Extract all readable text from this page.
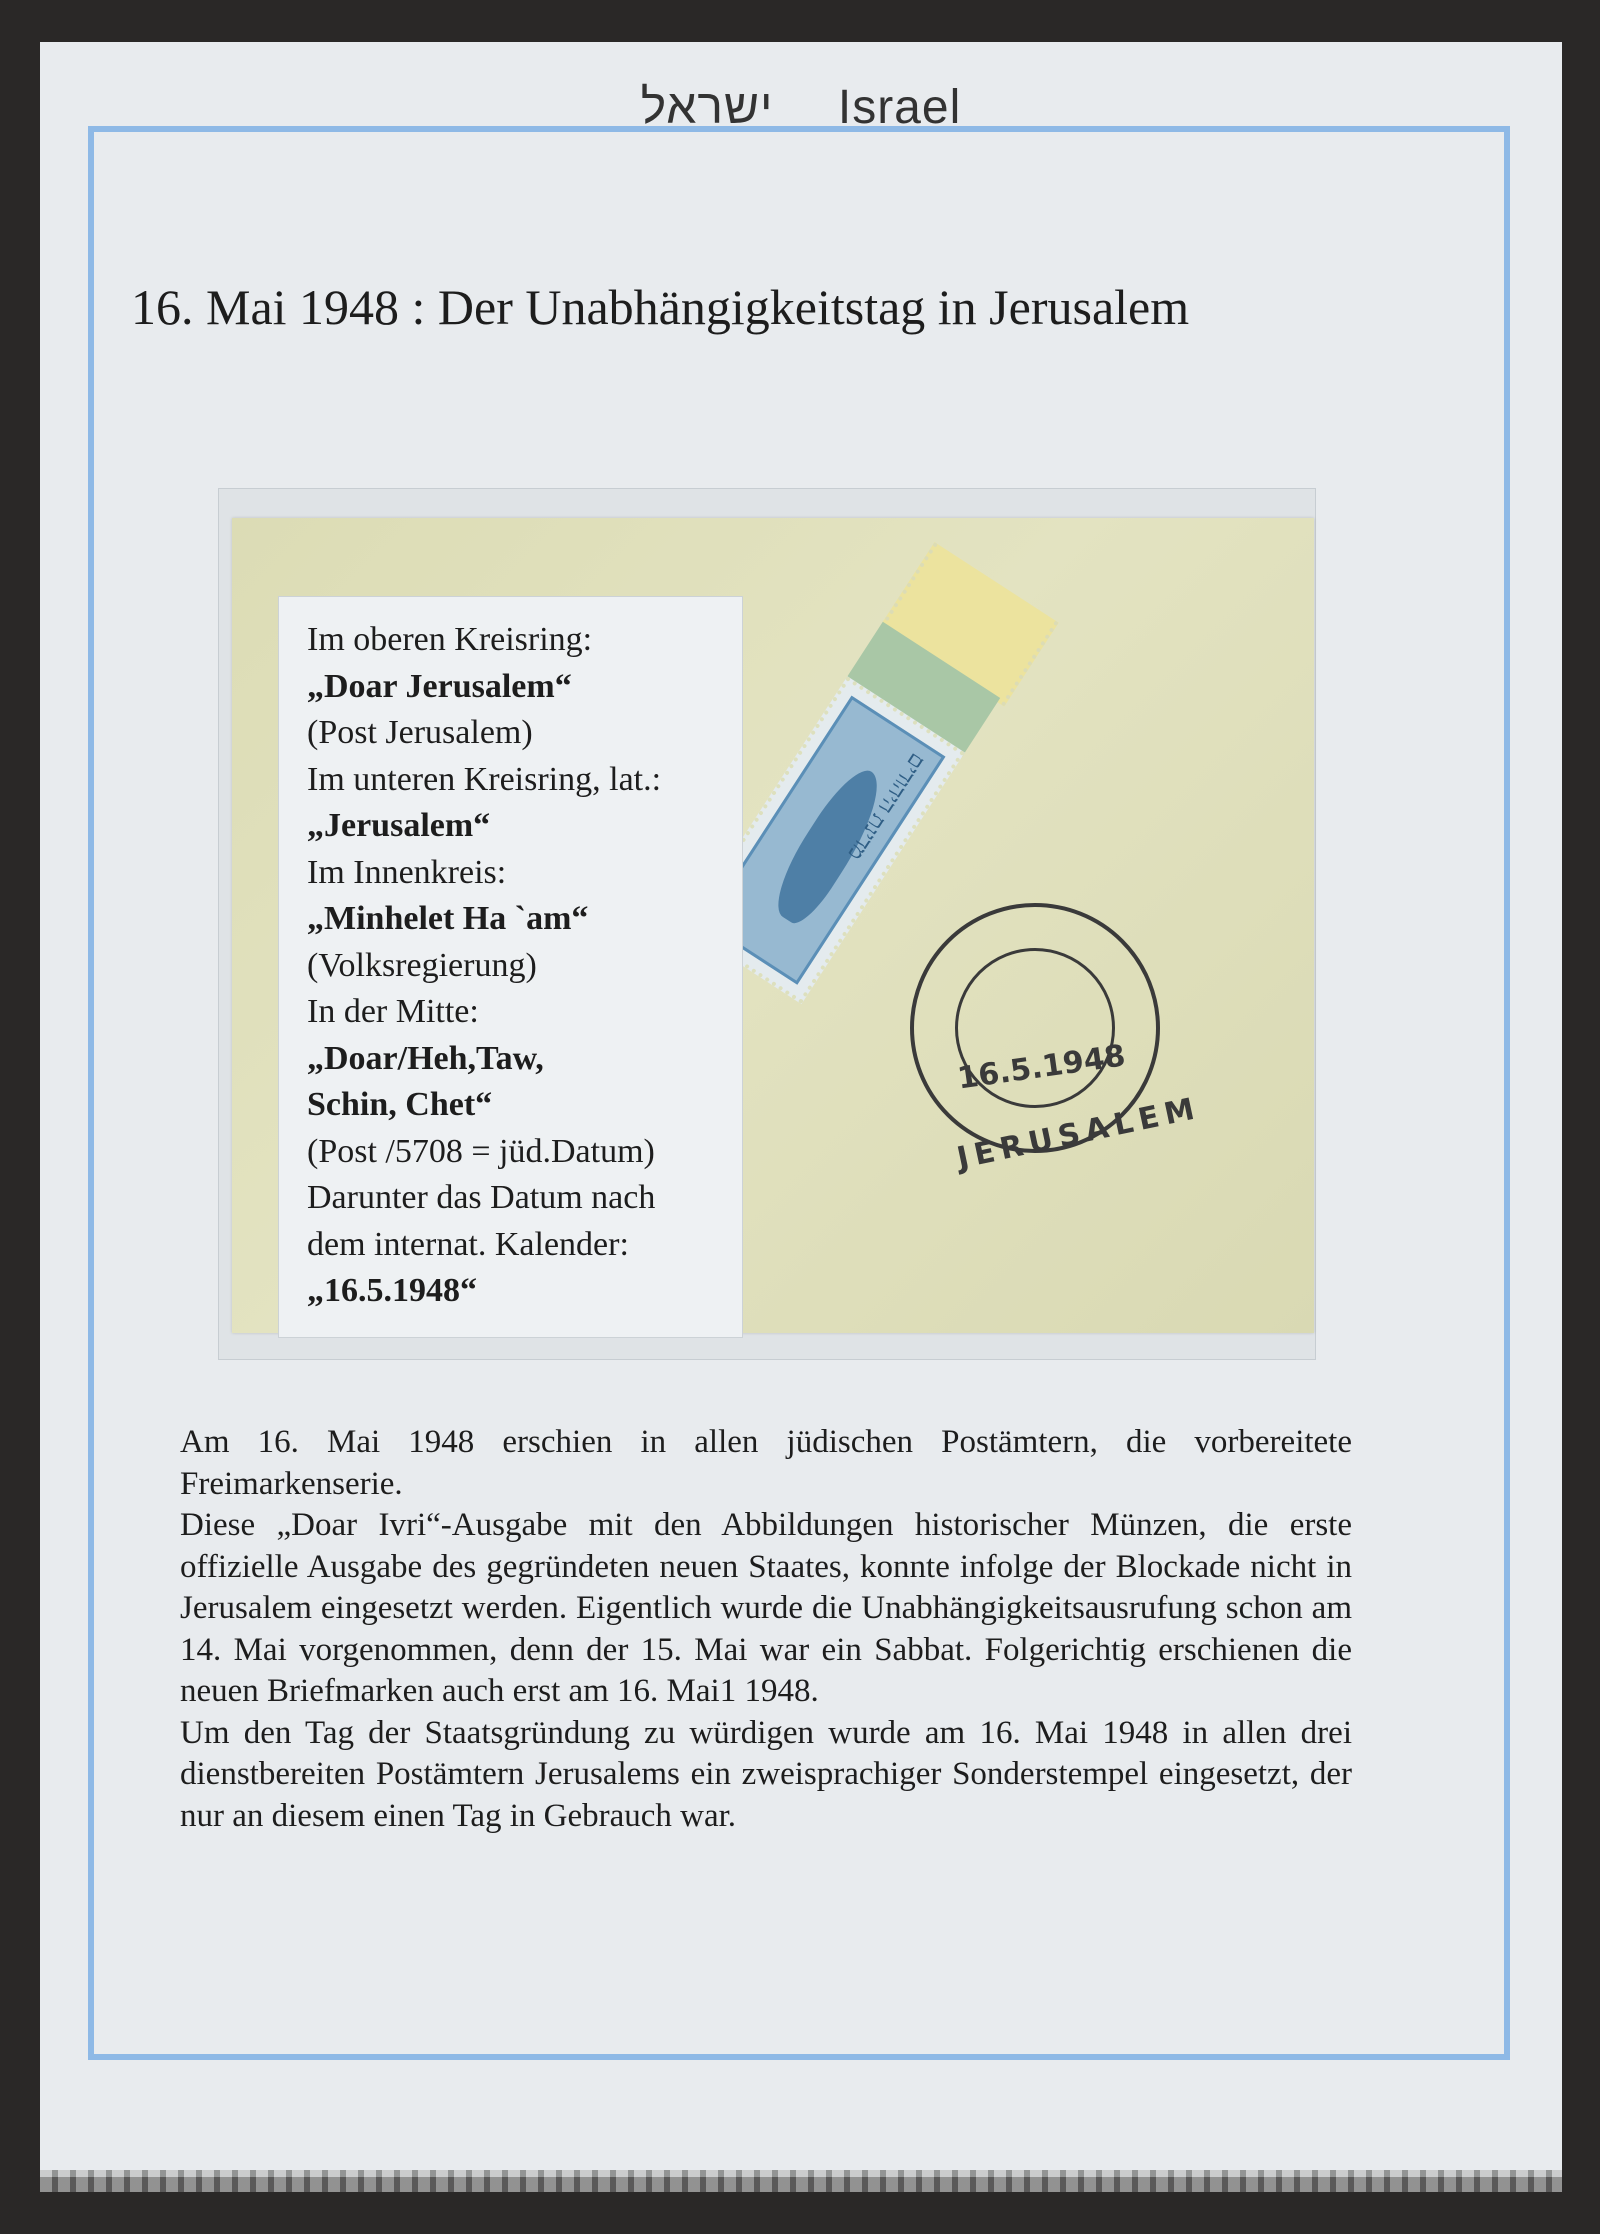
ישראל Israel
16. Mai 1948 : Der Unabhängigkeitstag in Jerusalem
מדינת היהודים
16.5.1948
JERUSALEM
Im oberen Kreisring:
„Doar Jerusalem“
(Post Jerusalem)
Im unteren Kreisring, lat.:
„Jerusalem“
Im Innenkreis:
„Minhelet Ha `am“
(Volksregierung)
In der Mitte:
„Doar/Heh,Taw,
Schin, Chet“
(Post /5708 = jüd.Datum)
Darunter das Datum nach
dem internat. Kalender:
„16.5.1948“

Am 16. Mai 1948 erschien in allen jüdischen Postämtern, die vorbereitete Freimarkenserie.

Diese „Doar Ivri“-Ausgabe mit den Abbildungen historischer Münzen, die erste offizielle Ausgabe des gegründeten neuen Staates, konnte infolge der Blockade nicht in Jerusalem eingesetzt werden. Eigentlich wurde die Unabhängigkeitsausrufung schon am 14. Mai vorgenommen, denn der 15. Mai war ein Sabbat. Folgerichtig erschienen die neuen Briefmarken auch erst am 16. Mai1 1948.

Um den Tag der Staatsgründung zu würdigen wurde am 16. Mai 1948 in allen drei dienstbereiten Postämtern Jerusalems ein zweisprachiger Sonderstempel eingesetzt, der nur an diesem einen Tag in Gebrauch war.
